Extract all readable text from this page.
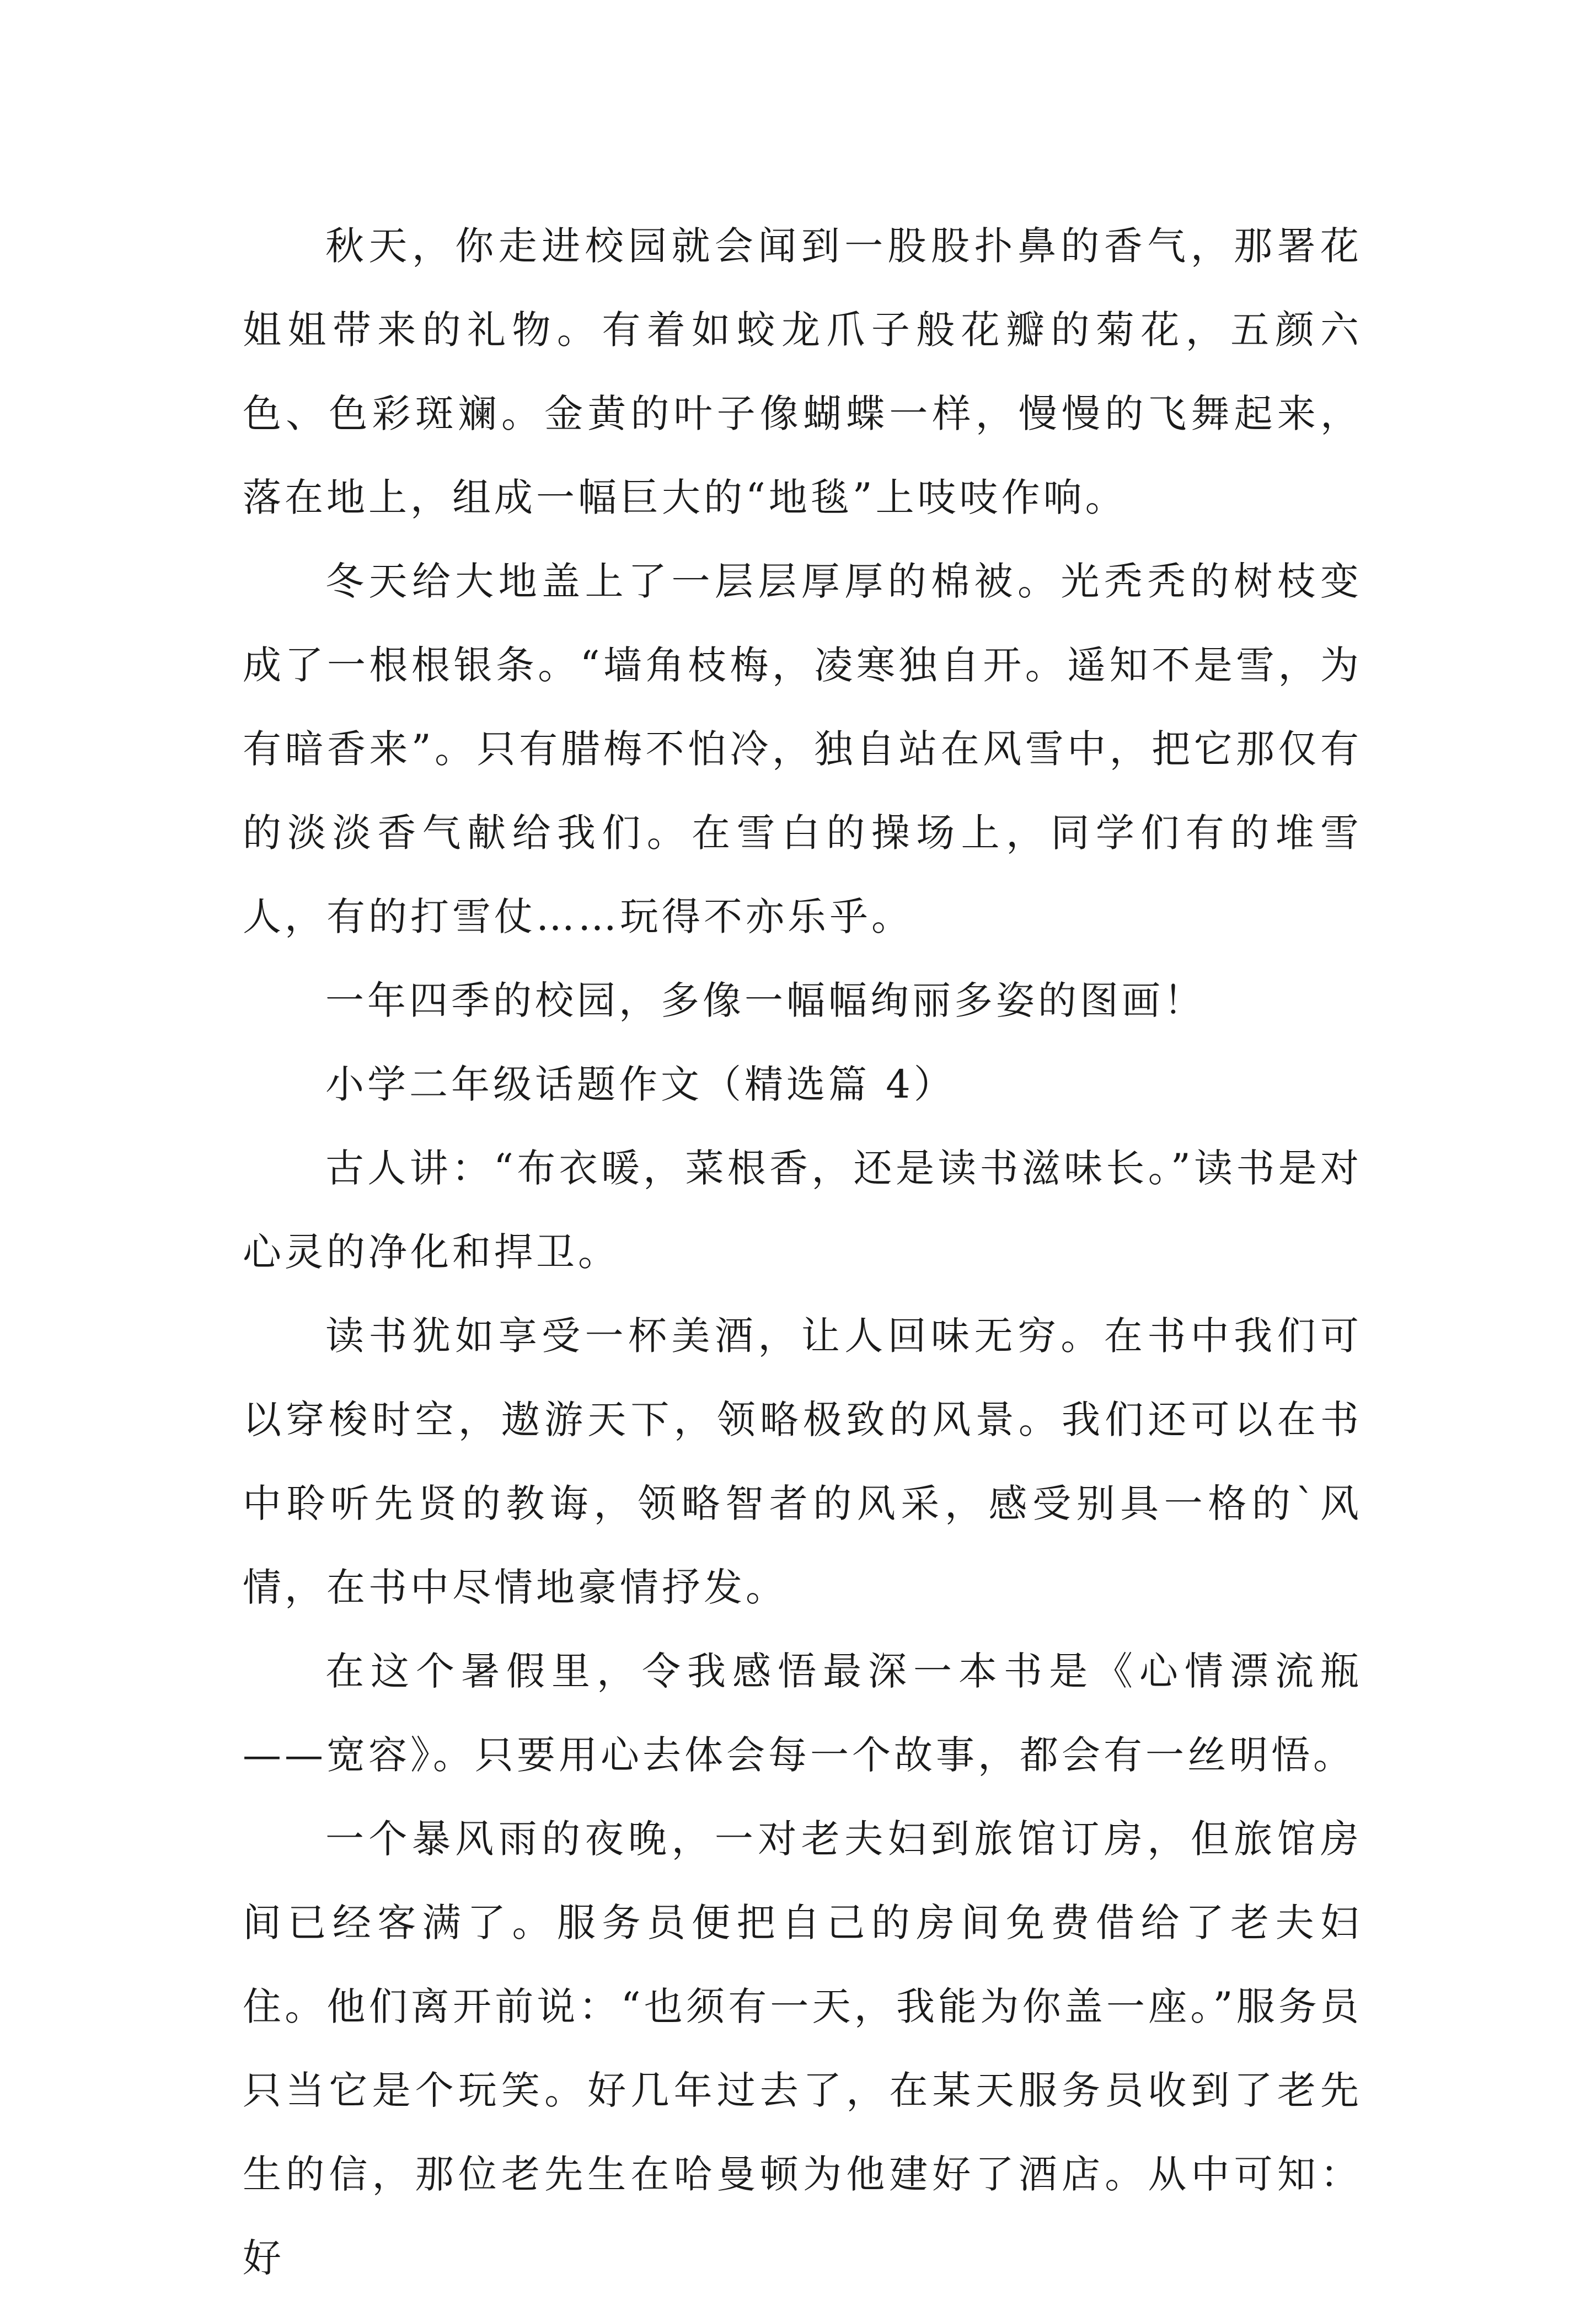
秋天，你走进校园就会闻到一股股扑鼻的香气，那署花姐姐带来的礼物。有着如蛟龙爪子般花瓣的菊花，五颜六色、色彩斑斓。金黄的叶子像蝴蝶一样，慢慢的飞舞起来，落在地上，组成一幅巨大的“地毯”上吱吱作响。

冬天给大地盖上了一层层厚厚的棉被。光秃秃的树枝变成了一根根银条。“墙角枝梅，凌寒独自开。遥知不是雪，为有暗香来”。只有腊梅不怕冷，独自站在风雪中，把它那仅有的淡淡香气献给我们。在雪白的操场上，同学们有的堆雪人，有的打雪仗……玩得不亦乐乎。

一年四季的校园，多像一幅幅绚丽多姿的图画！

小学二年级话题作文（精选篇 4）

古人讲：“布衣暖，菜根香，还是读书滋味长。”读书是对心灵的净化和捍卫。

读书犹如享受一杯美酒，让人回味无穷。在书中我们可以穿梭时空，遨游天下，领略极致的风景。我们还可以在书中聆听先贤的教诲，领略智者的风采，感受别具一格的`风情，在书中尽情地豪情抒发。

在这个暑假里，令我感悟最深一本书是《心情漂流瓶——宽容》。只要用心去体会每一个故事，都会有一丝明悟。

一个暴风雨的夜晚，一对老夫妇到旅馆订房，但旅馆房间已经客满了。服务员便把自己的房间免费借给了老夫妇住。他们离开前说：“也须有一天，我能为你盖一座。”服务员只当它是个玩笑。好几年过去了，在某天服务员收到了老先生的信，那位老先生在哈曼顿为他建好了酒店。从中可知：好
